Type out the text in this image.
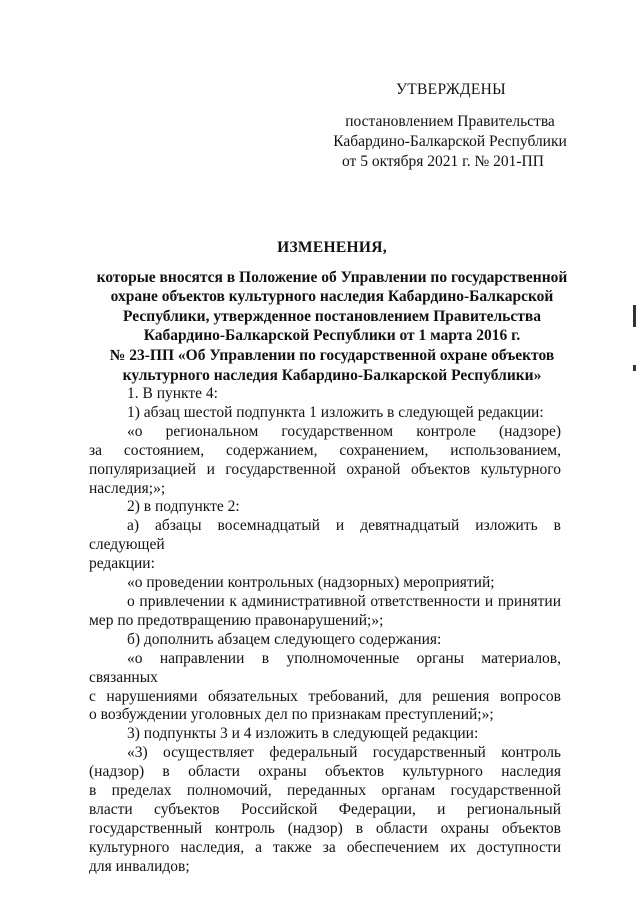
УТВЕРЖДЕНЫ
постановлением Правительства
Кабардино-Балкарской Республики
от 5 октября 2021 г. № 201-ПП
ИЗМЕНЕНИЯ,
которые вносятся в Положение об Управлении по государственной
охране объектов культурного наследия Кабардино-Балкарской
Республики, утвержденное постановлением Правительства
Кабардино-Балкарской Республики от 1 марта 2016 г.
№ 23-ПП «Об Управлении по государственной охране объектов
культурного наследия Кабардино-Балкарской Республики»
1. В пункте 4:
1) абзац шестой подпункта 1 изложить в следующей редакции:
«о региональном государственном контроле (надзоре)
за состоянием, содержанием, сохранением, использованием,
популяризацией и государственной охраной объектов культурного
наследия;»;
2) в подпункте 2:
а) абзацы восемнадцатый и девятнадцатый изложить в следующей
редакции:
«о проведении контрольных (надзорных) мероприятий;
о привлечении к административной ответственности и принятии
мер по предотвращению правонарушений;»;
б) дополнить абзацем следующего содержания:
«о направлении в уполномоченные органы материалов, связанных
с нарушениями обязательных требований, для решения вопросов
о возбуждении уголовных дел по признакам преступлений;»;
3) подпункты 3 и 4 изложить в следующей редакции:
«3) осуществляет федеральный государственный контроль
(надзор) в области охраны объектов культурного наследия
в пределах полномочий, переданных органам государственной
власти субъектов Российской Федерации, и региональный
государственный контроль (надзор) в области охраны объектов
культурного наследия, а также за обеспечением их доступности
для инвалидов;
